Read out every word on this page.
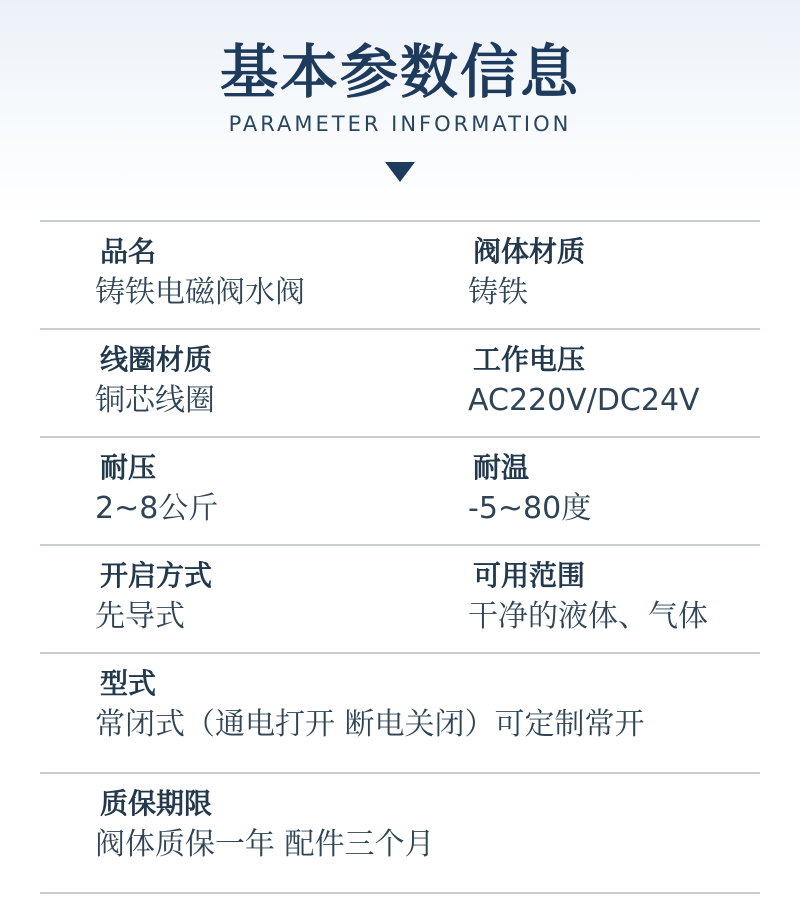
基本参数信息
PARAMETER INFORMATION
品名
铸铁电磁阀水阀
阀体材质
铸铁
线圈材质
铜芯线圈
工作电压
AC220V/DC24V
耐压
2~8公斤
耐温
-5~80度
开启方式
先导式
可用范围
干净的液体、气体
型式
常闭式（通电打开 断电关闭）可定制常开
质保期限
阀体质保一年 配件三个月
